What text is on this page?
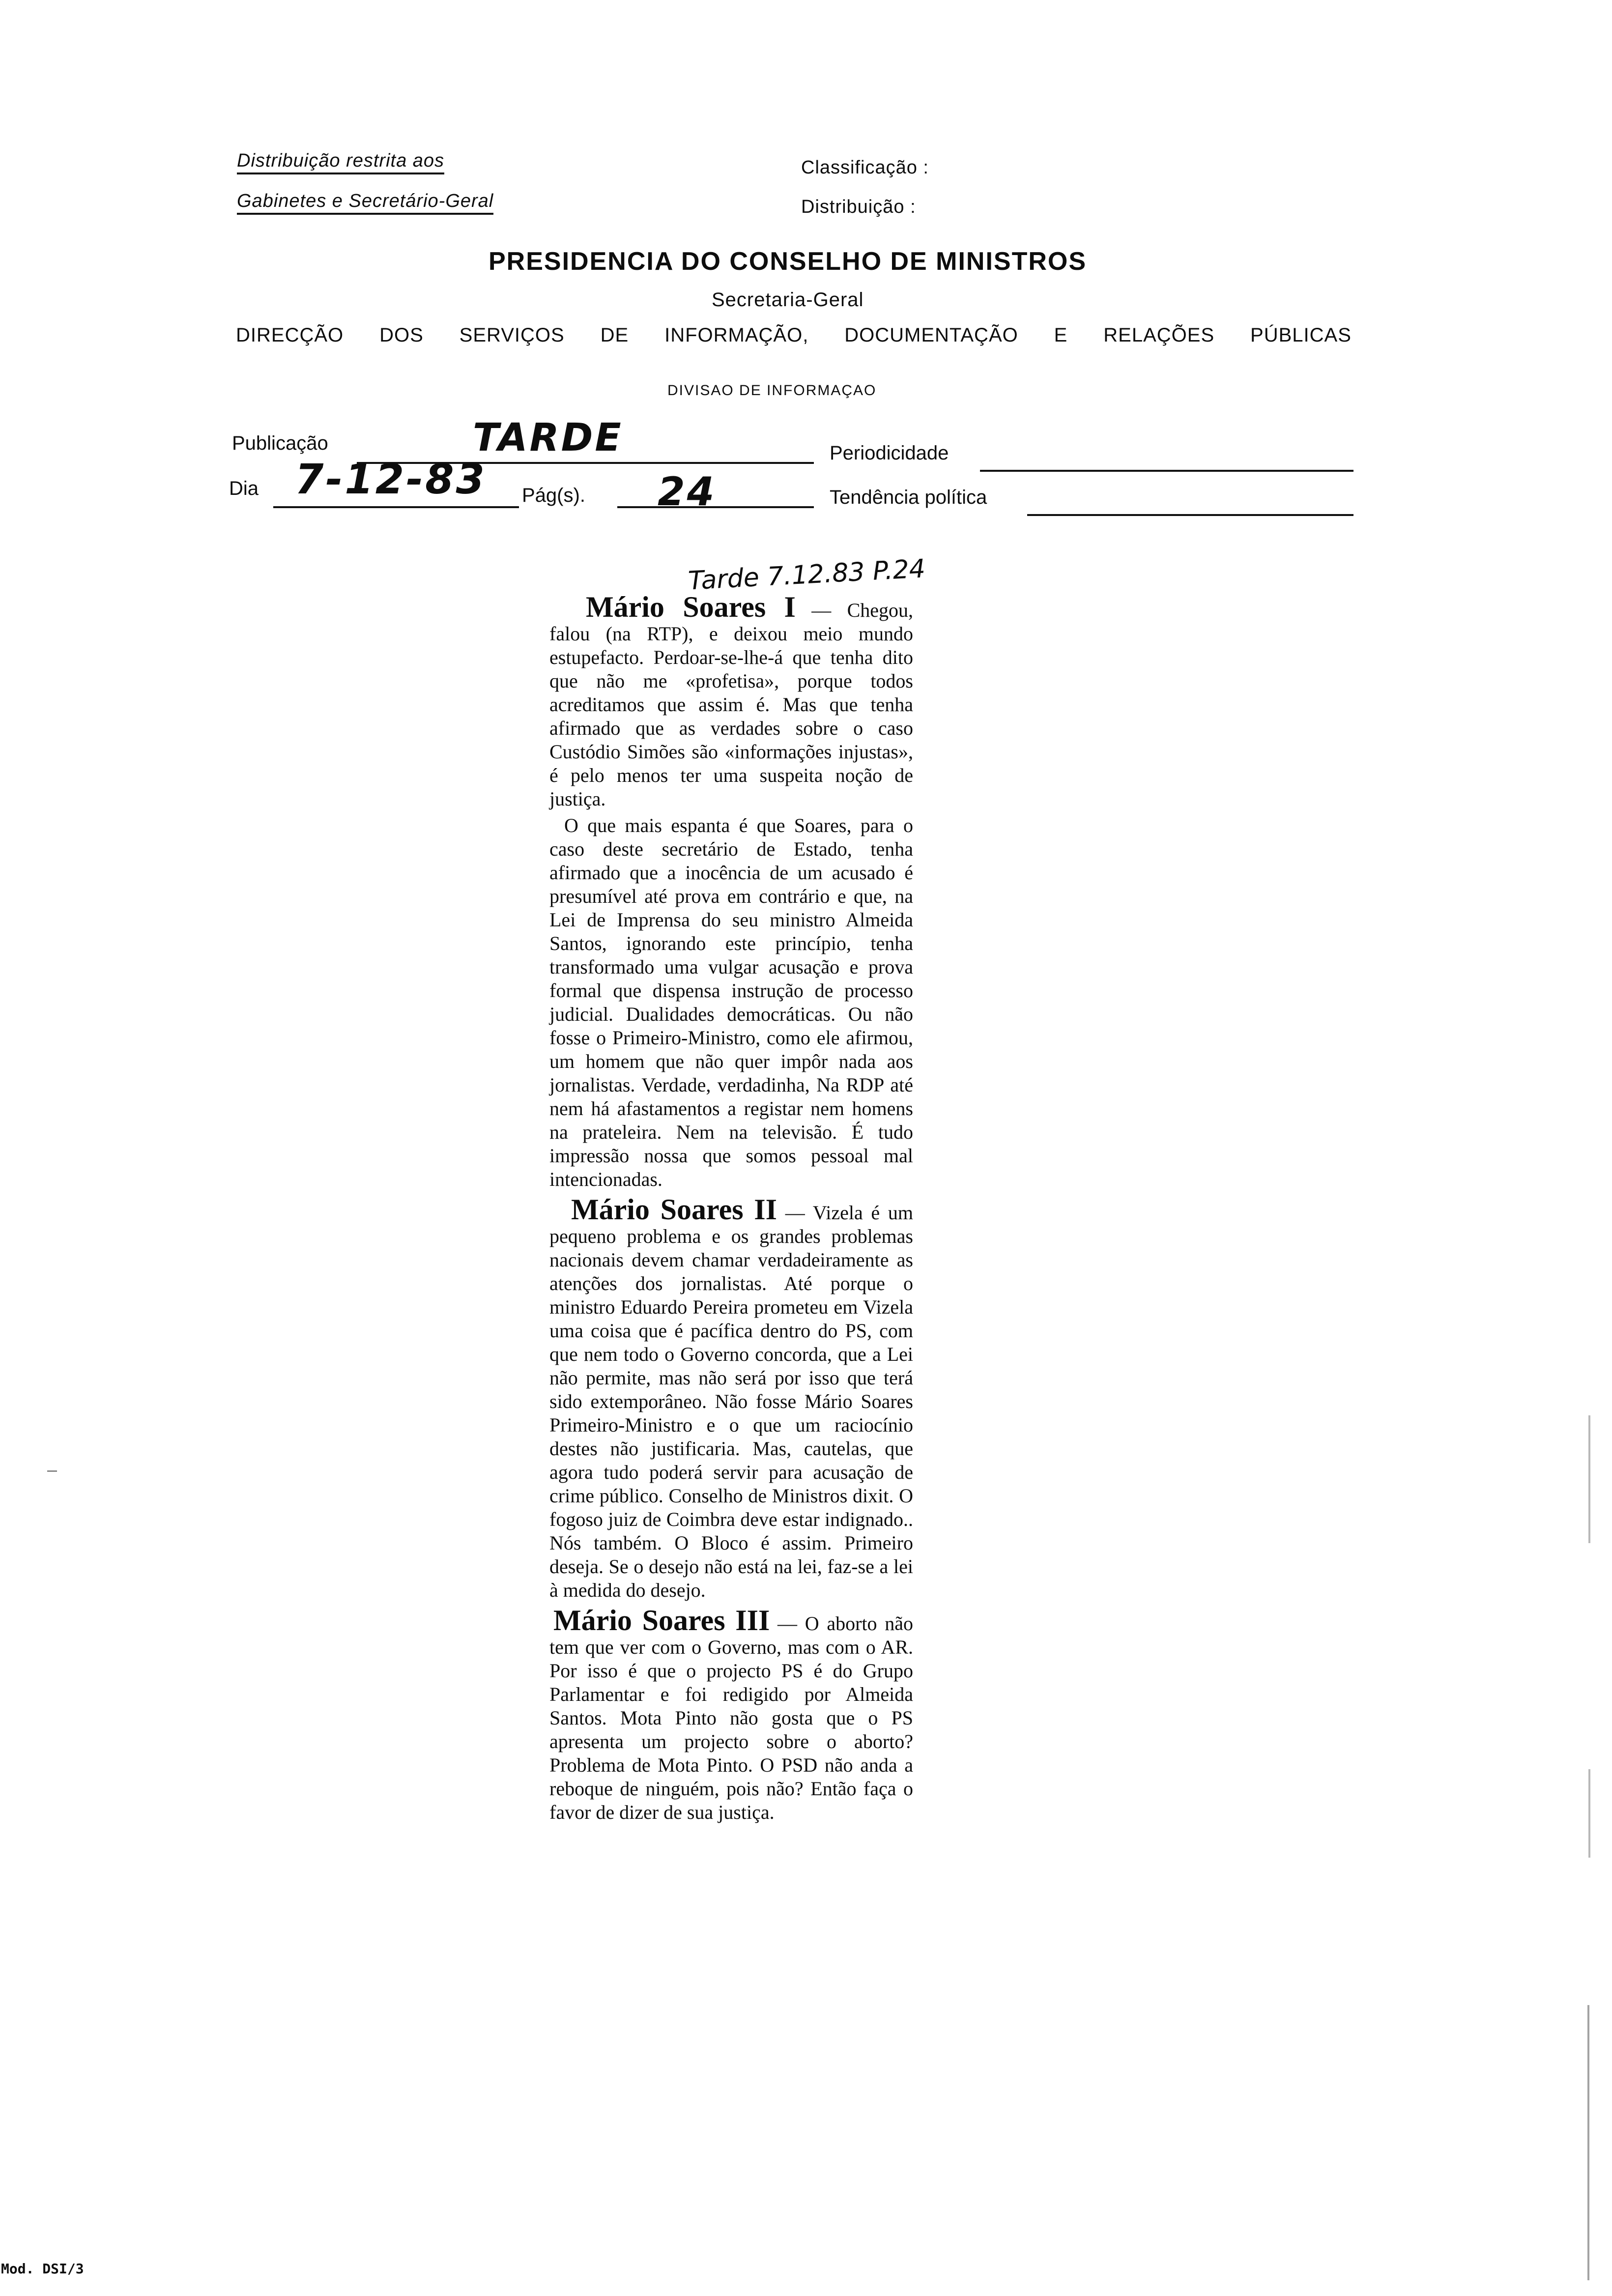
Distribuição restrita aos
Gabinetes e Secretário-Geral
Classificação :
Distribuição :
PRESIDENCIA DO CONSELHO DE MINISTROS
Secretaria-Geral
DIRECÇÃO DOS SERVIÇOS DE INFORMAÇÃO, DOCUMENTAÇÃO E RELAÇÕES PÚBLICAS
DIVISAO DE INFORMAÇAO
Publicação	TARDE	Periodicidade
Dia 7-12-83 Pág(s). 24	Tendência política
Tarde 7.12.83 P.24

Mário Soares I — Chegou, falou (na RTP), e deixou meio mundo estupefacto. Perdoar-se-lhe-á que tenha dito que não me «profetisa», porque todos acreditamos que assim é. Mas que tenha afirmado que as verdades sobre o caso Custódio Simões são «informações injustas», é pelo menos ter uma suspeita noção de justiça.

O que mais espanta é que Soares, para o caso deste secretário de Estado, tenha afirmado que a inocência de um acusado é presumível até prova em contrário e que, na Lei de Imprensa do seu ministro Almeida Santos, ignorando este princípio, tenha transformado uma vulgar acusação e prova formal que dispensa instrução de processo judicial. Dualidades democráticas. Ou não fosse o Primeiro-Ministro, como ele afirmou, um homem que não quer impôr nada aos jornalistas. Verdade, verdadinha, Na RDP até nem há afastamentos a registar nem homens na prateleira. Nem na televisão. É tudo impressão nossa que somos pessoal mal intencionadas.

Mário Soares II — Vizela é um pequeno problema e os grandes problemas nacionais devem chamar verdadeiramente as atenções dos jornalistas. Até porque o ministro Eduardo Pereira prometeu em Vizela uma coisa que é pacífica dentro do PS, com que nem todo o Governo concorda, que a Lei não permite, mas não será por isso que terá sido extemporâneo. Não fosse Mário Soares Primeiro-Ministro e o que um raciocínio destes não justificaria. Mas, cautelas, que agora tudo poderá servir para acusação de crime público. Conselho de Ministros dixit. O fogoso juiz de Coimbra deve estar indignado.. Nós também. O Bloco é assim. Primeiro deseja. Se o desejo não está na lei, faz-se a lei à medida do desejo.

Mário Soares III — O aborto não tem que ver com o Governo, mas com o AR. Por isso é que o projecto PS é do Grupo Parlamentar e foi redigido por Almeida Santos. Mota Pinto não gosta que o PS apresenta um projecto sobre o aborto? Problema de Mota Pinto. O PSD não anda a reboque de ninguém, pois não? Então faça o favor de dizer de sua justiça.

Mod. DSI/3
